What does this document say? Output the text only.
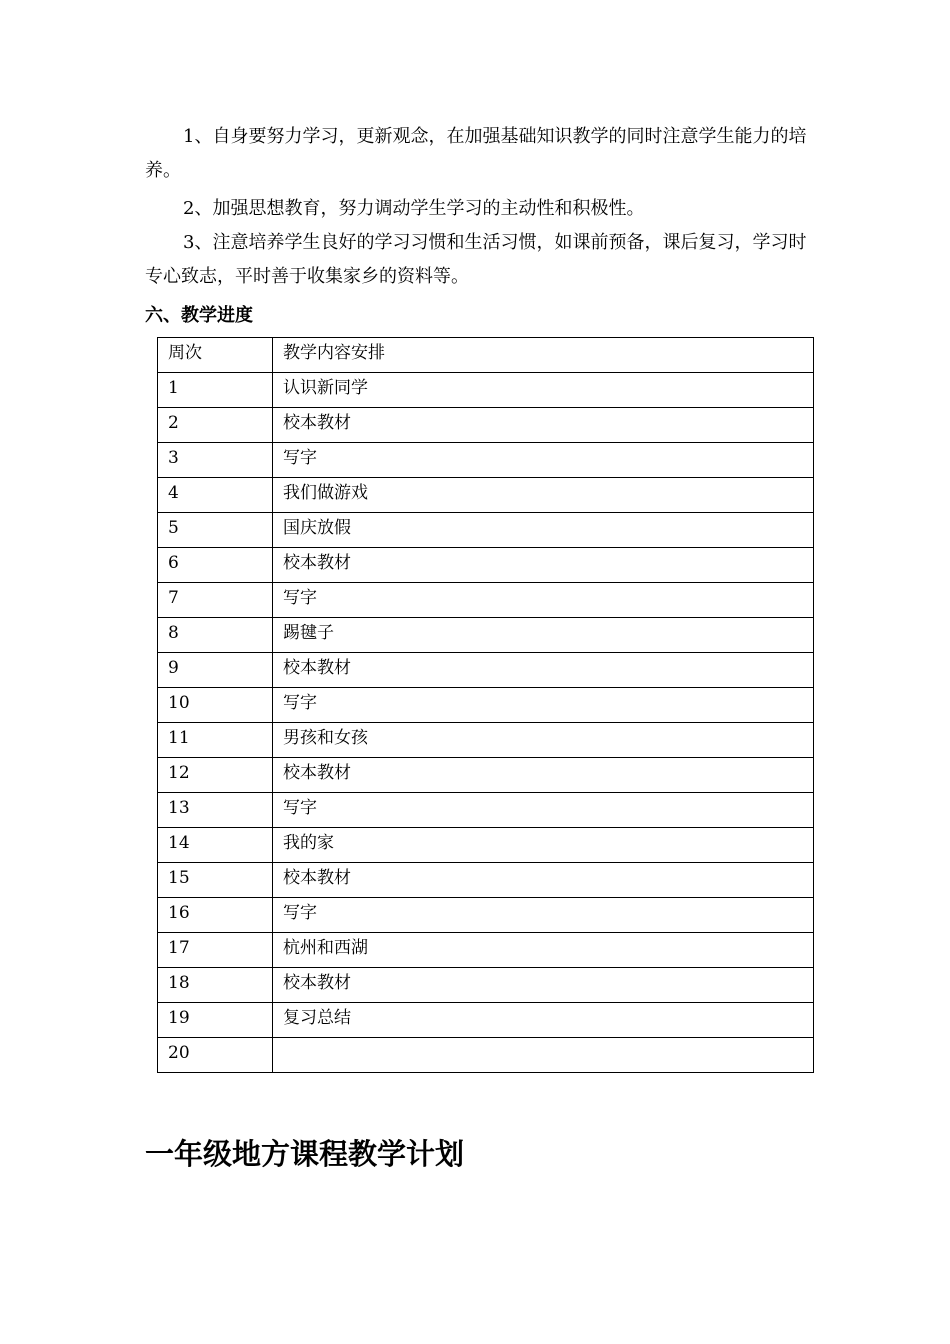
1、自身要努力学习，更新观念，在加强基础知识教学的同时注意学生能力的培养。

2、加强思想教育，努力调动学生学习的主动性和积极性。

3、注意培养学生良好的学习习惯和生活习惯，如课前预备，课后复习，学习时专心致志，平时善于收集家乡的资料等。

六、教学进度
周次	教学内容安排
1	认识新同学
2	校本教材
3	写字
4	我们做游戏
5	国庆放假
6	校本教材
7	写字
8	踢毽子
9	校本教材
10	写字
11	男孩和女孩
12	校本教材
13	写字
14	我的家
15	校本教材
16	写字
17	杭州和西湖
18	校本教材
19	复习总结
20	
一年级地方课程教学计划
